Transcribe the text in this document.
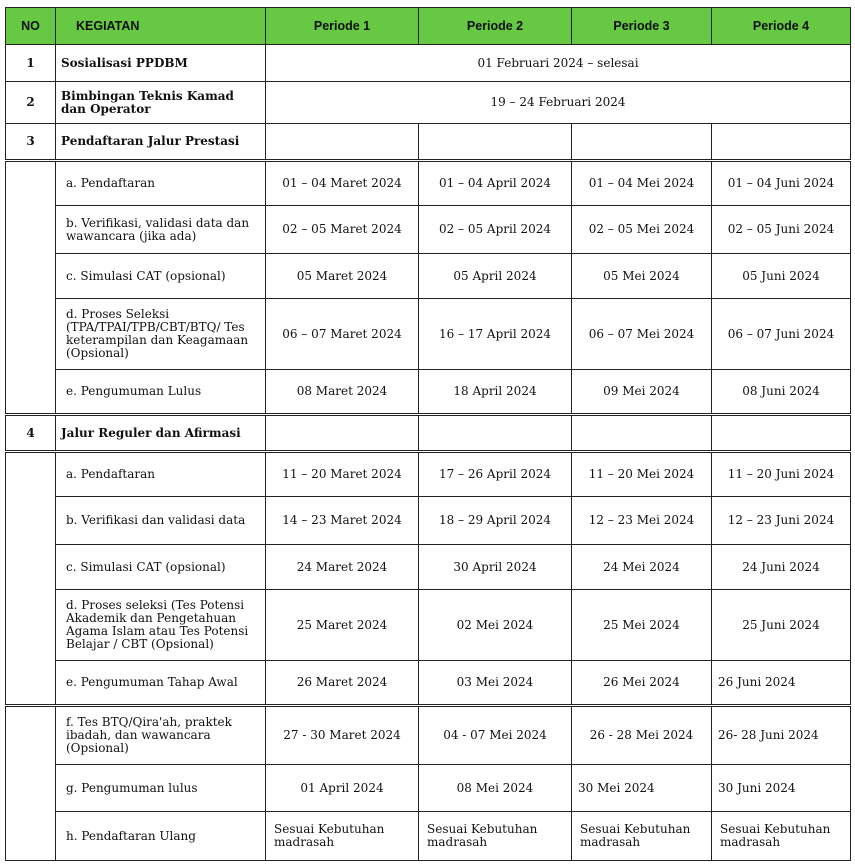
NO	KEGIATAN	Periode 1	Periode 2	Periode 3	Periode 4
1	Sosialisasi PPDBM	01 Februari 2024 – selesai			
2	Bimbingan Teknis Kamad dan Operator	19 – 24 Februari 2024			
3	Pendaftaran Jalur Prestasi				
	a. Pendaftaran	01 – 04 Maret 2024	01 – 04 April 2024	01 – 04 Mei 2024	01 – 04 Juni 2024
	b. Verifikasi, validasi data dan wawancara (jika ada)	02 – 05 Maret 2024	02 – 05 April 2024	02 – 05 Mei 2024	02 – 05 Juni 2024
	c. Simulasi CAT (opsional)	05 Maret 2024	05 April 2024	05 Mei 2024	05 Juni 2024
	d. Proses Seleksi (TPA/TPAI/TPB/CBT/BTQ/ Tes keterampilan dan Keagamaan (Opsional)	06 – 07 Maret 2024	16 – 17 April 2024	06 – 07 Mei 2024	06 – 07 Juni 2024
	e. Pengumuman Lulus	08 Maret 2024	18 April 2024	09 Mei 2024	08 Juni 2024
4	Jalur Reguler dan Afirmasi				
	a. Pendaftaran	11 – 20 Maret 2024	17 – 26 April 2024	11 – 20 Mei 2024	11 – 20 Juni 2024
	b. Verifikasi dan validasi data	14 – 23 Maret 2024	18 – 29 April 2024	12 – 23 Mei 2024	12 – 23 Juni 2024
	c. Simulasi CAT (opsional)	24 Maret 2024	30 April 2024	24 Mei 2024	24 Juni 2024
	d. Proses seleksi (Tes Potensi Akademik dan Pengetahuan Agama Islam atau Tes Potensi Belajar / CBT (Opsional)	25 Maret 2024	02 Mei 2024	25 Mei 2024	25 Juni 2024
	e. Pengumuman Tahap Awal	26 Maret 2024	03 Mei 2024	26 Mei 2024	26 Juni 2024
	f. Tes BTQ/Qira'ah, praktek ibadah, dan wawancara (Opsional)	27 - 30 Maret 2024	04 - 07 Mei 2024	26 - 28 Mei 2024	26- 28 Juni 2024
	g. Pengumuman lulus	01 April 2024	08 Mei 2024	30 Mei 2024	30 Juni 2024
	h. Pendaftaran Ulang	Sesuai Kebutuhan madrasah	Sesuai Kebutuhan madrasah	Sesuai Kebutuhan madrasah	Sesuai Kebutuhan madrasah
